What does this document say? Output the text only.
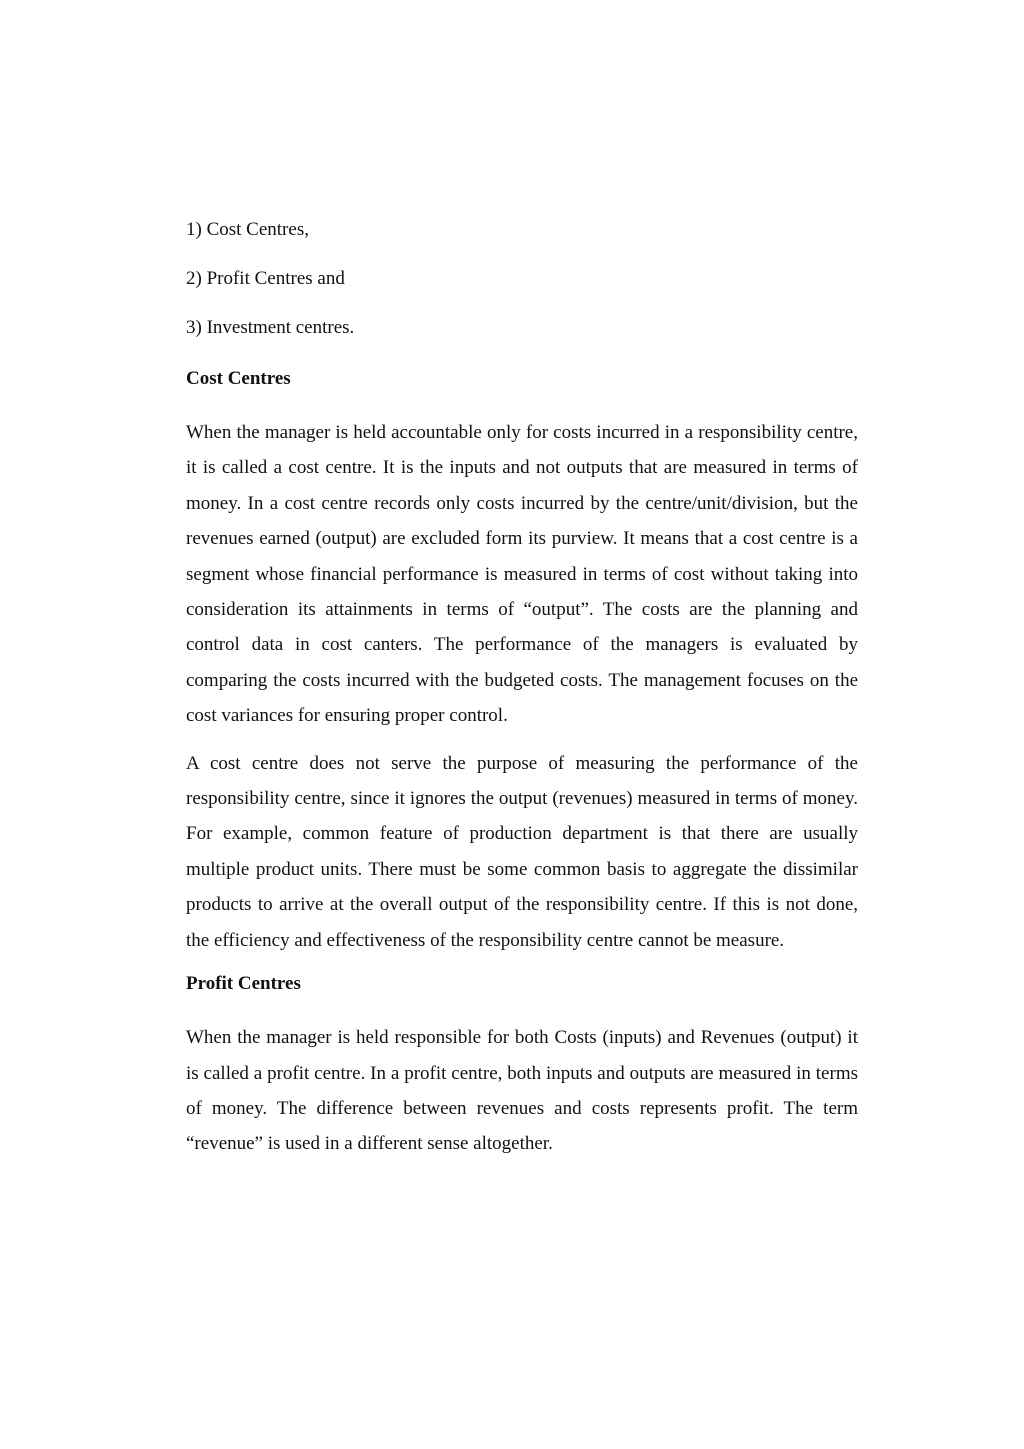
1) Cost Centres,

2) Profit Centres and

3) Investment centres.

Cost Centres

When the manager is held accountable only for costs incurred in a responsibility centre, it is called a cost centre. It is the inputs and not outputs that are measured in terms of money. In a cost centre records only costs incurred by the centre/unit/division, but the revenues earned (output) are excluded form its purview. It means that a cost centre is a segment whose financial performance is measured in terms of cost without taking into consideration its attainments in terms of “output”. The costs are the planning and control data in cost canters. The performance of the managers is evaluated by comparing the costs incurred with the budgeted costs. The management focuses on the cost variances for ensuring proper control.

A cost centre does not serve the purpose of measuring the performance of the responsibility centre, since it ignores the output (revenues) measured in terms of money. For example, common feature of production department is that there are usually multiple product units. There must be some common basis to aggregate the dissimilar products to arrive at the overall output of the responsibility centre. If this is not done, the efficiency and effectiveness of the responsibility centre cannot be measure.

Profit Centres

When the manager is held responsible for both Costs (inputs) and Revenues (output) it is called a profit centre. In a profit centre, both inputs and outputs are measured in terms of money. The difference between revenues and costs represents profit. The term “revenue” is used in a different sense altogether.
